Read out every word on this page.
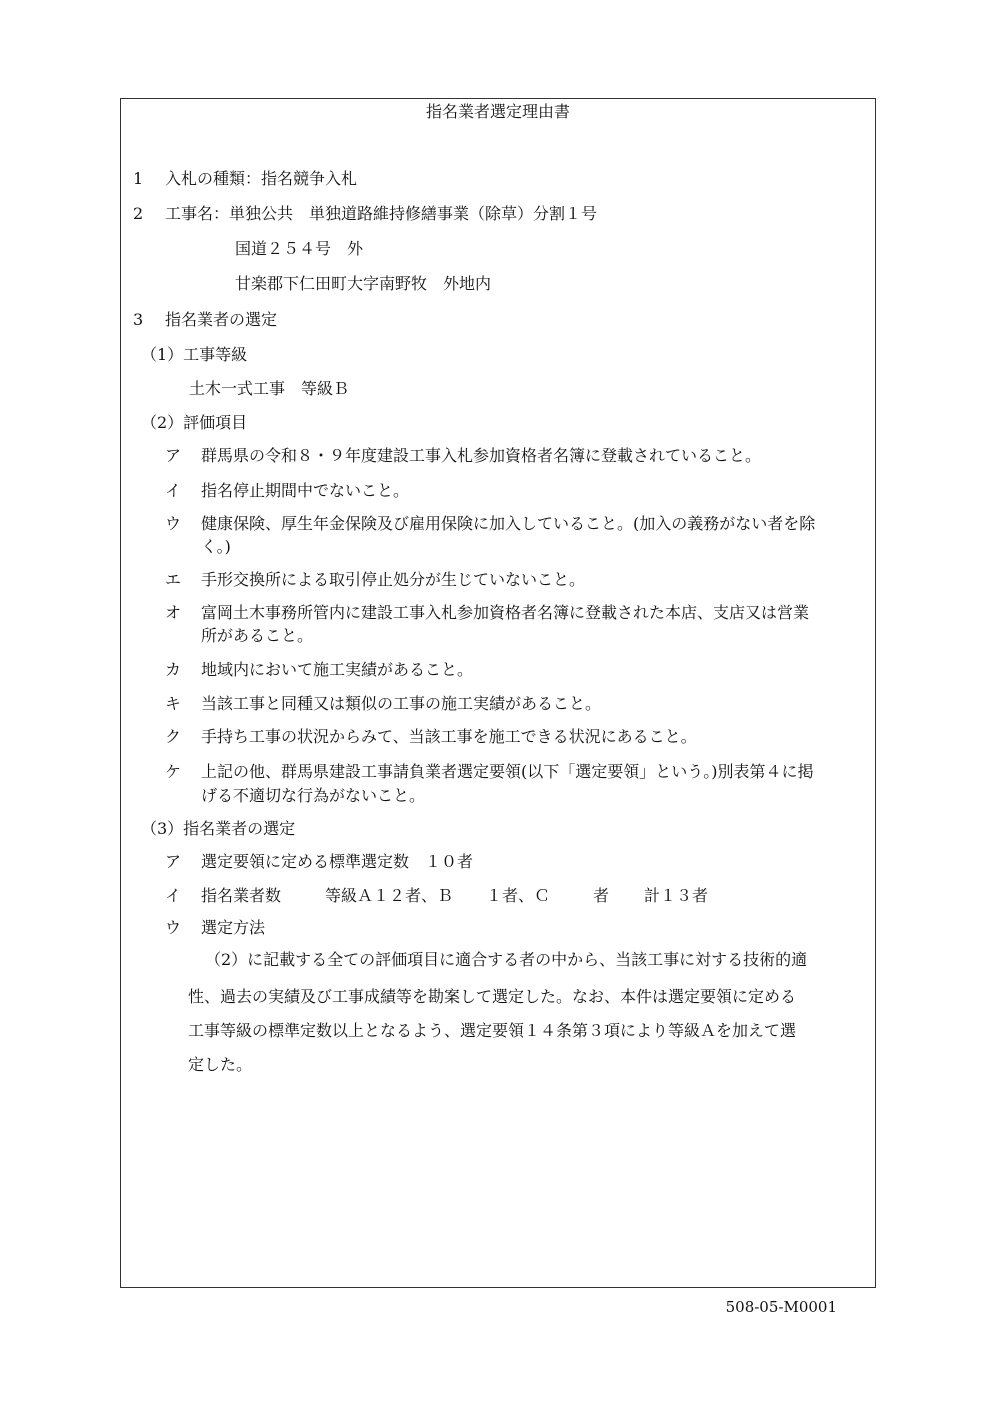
指名業者選定理由書
1 入札の種類：指名競争入札
2 工事名：単独公共　単独道路維持修繕事業（除草）分割１号
国道２５４号　外
甘楽郡下仁田町大字南野牧　外地内
3 指名業者の選定
（1）工事等級
土木一式工事　等級Ｂ
（2）評価項目
ア 群馬県の令和８・９年度建設工事入札参加資格者名簿に登載されていること。
イ 指名停止期間中でないこと。
ウ 健康保険、厚生年金保険及び雇用保険に加入していること。(加入の義務がない者を除
く。)
エ 手形交換所による取引停止処分が生じていないこと。
オ 富岡土木事務所管内に建設工事入札参加資格者名簿に登載された本店、支店又は営業
所があること。
カ 地域内において施工実績があること。
キ 当該工事と同種又は類似の工事の施工実績があること。
ク 手持ち工事の状況からみて、当該工事を施工できる状況にあること。
ケ 上記の他、群馬県建設工事請負業者選定要領(以下「選定要領」という。)別表第４に掲
げる不適切な行為がないこと。
（3）指名業者の選定
ア 選定要領に定める標準選定数　１０者
イ 指名業者数	等級Ａ１２者、Ｂ １者、Ｃ	者 計１３者
ウ 選定方法
（2）に記載する全ての評価項目に適合する者の中から、当該工事に対する技術的適
性、過去の実績及び工事成績等を勘案して選定した。なお、本件は選定要領に定める
工事等級の標準定数以上となるよう、選定要領１４条第３項により等級Ａを加えて選
定した。
508-05-M0001
